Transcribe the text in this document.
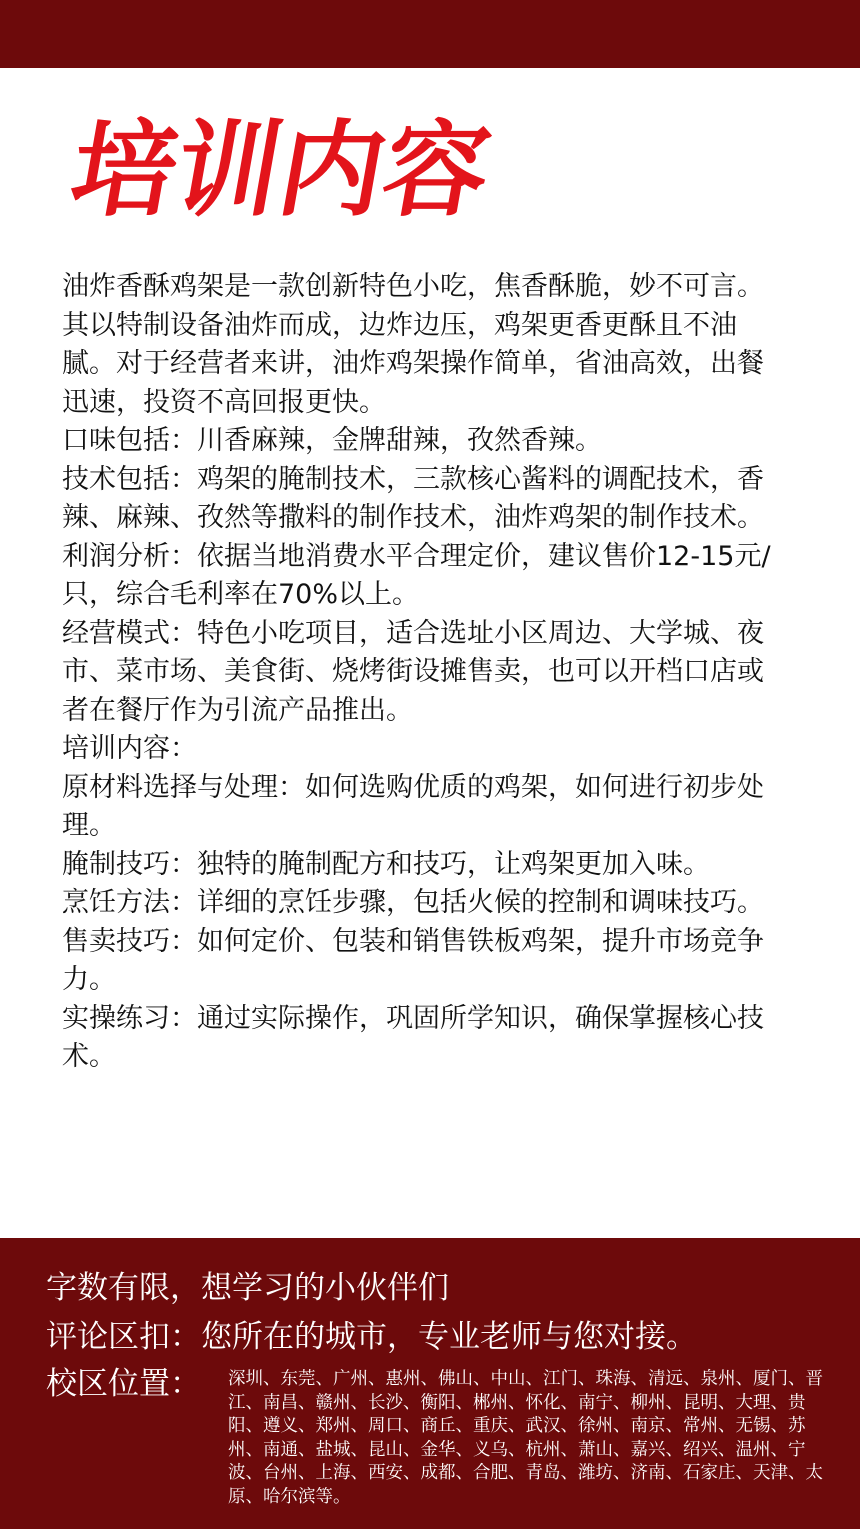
培训内容

油炸香酥鸡架是一款创新特色小吃，焦香酥脆，妙不可言。其以特制设备油炸而成，边炸边压，鸡架更香更酥且不油腻。对于经营者来讲，油炸鸡架操作简单，省油高效，出餐迅速，投资不高回报更快。

口味包括：川香麻辣，金牌甜辣，孜然香辣。

技术包括：鸡架的腌制技术，三款核心酱料的调配技术，香辣、麻辣、孜然等撒料的制作技术，油炸鸡架的制作技术。

利润分析：依据当地消费水平合理定价，建议售价12-15元/只，综合毛利率在70%以上。

经营模式：特色小吃项目，适合选址小区周边、大学城、夜市、菜市场、美食街、烧烤街设摊售卖，也可以开档口店或者在餐厅作为引流产品推出。

培训内容：

原材料选择与处理：如何选购优质的鸡架，如何进行初步处理。

腌制技巧：独特的腌制配方和技巧，让鸡架更加入味。

烹饪方法：详细的烹饪步骤，包括火候的控制和调味技巧。

售卖技巧：如何定价、包装和销售铁板鸡架，提升市场竞争力。

实操练习：通过实际操作，巩固所学知识，确保掌握核心技术。

字数有限，想学习的小伙伴们
评论区扣：您所在的城市，专业老师与您对接。
校区位置： 深圳、东莞、广州、惠州、佛山、中山、江门、珠海、清远、泉州、厦门、晋江、南昌、赣州、长沙、衡阳、郴州、怀化、南宁、柳州、昆明、大理、贵阳、遵义、郑州、周口、商丘、重庆、武汉、徐州、南京、常州、无锡、苏州、南通、盐城、昆山、金华、义乌、杭州、萧山、嘉兴、绍兴、温州、宁波、台州、上海、西安、成都、合肥、青岛、潍坊、济南、石家庄、天津、太原、哈尔滨等。
